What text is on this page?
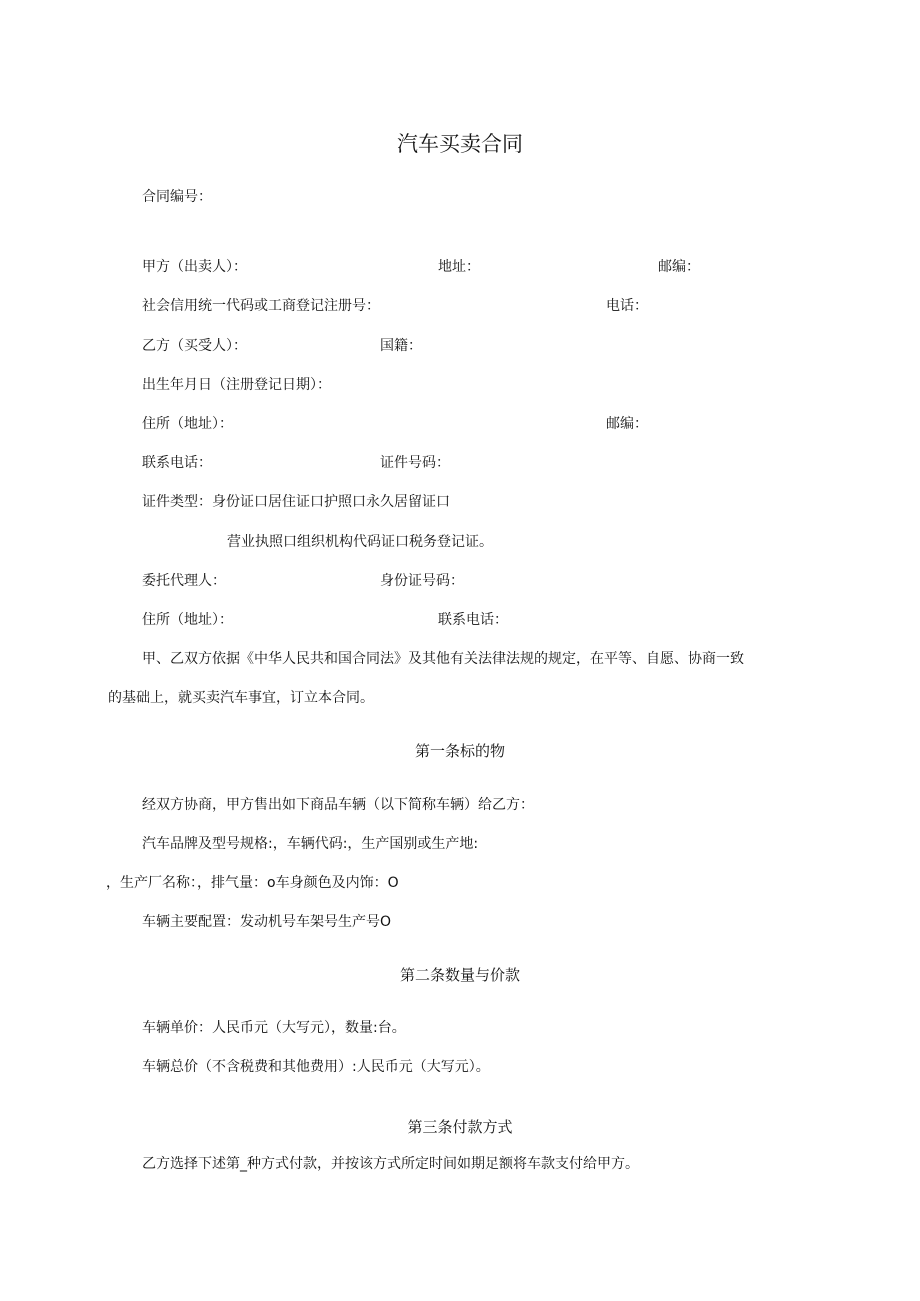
汽车买卖合同
合同编号：
甲方（出卖人）：	地址：	邮编：
社会信用统一代码或工商登记注册号：	电话：
乙方（买受人）：	国籍：
出生年月日（注册登记日期）：
住所（地址）：	邮编：
联系电话：	证件号码：
证件类型：身份证口居住证口护照口永久居留证口
营业执照口组织机构代码证口税务登记证。
委托代理人：	身份证号码：
住所（地址）：	联系电话：
甲、乙双方依据《中华人民共和国合同法》及其他有关法律法规的规定，在平等、自愿、协商一致
的基础上，就买卖汽车事宜，订立本合同。
第一条标的物
经双方协商，甲方售出如下商品车辆（以下简称车辆）给乙方：
汽车品牌及型号规格:，车辆代码:，生产国别或生产地:
，生产厂名称：，排气量：o车身颜色及内饰：O
车辆主要配置：发动机号车架号生产号O
第二条数量与价款
车辆单价：人民币元（大写元），数量:台。
车辆总价（不含税费和其他费用）:人民币元（大写元）。
第三条付款方式
乙方选择下述第_种方式付款，并按该方式所定时间如期足额将车款支付给甲方。
